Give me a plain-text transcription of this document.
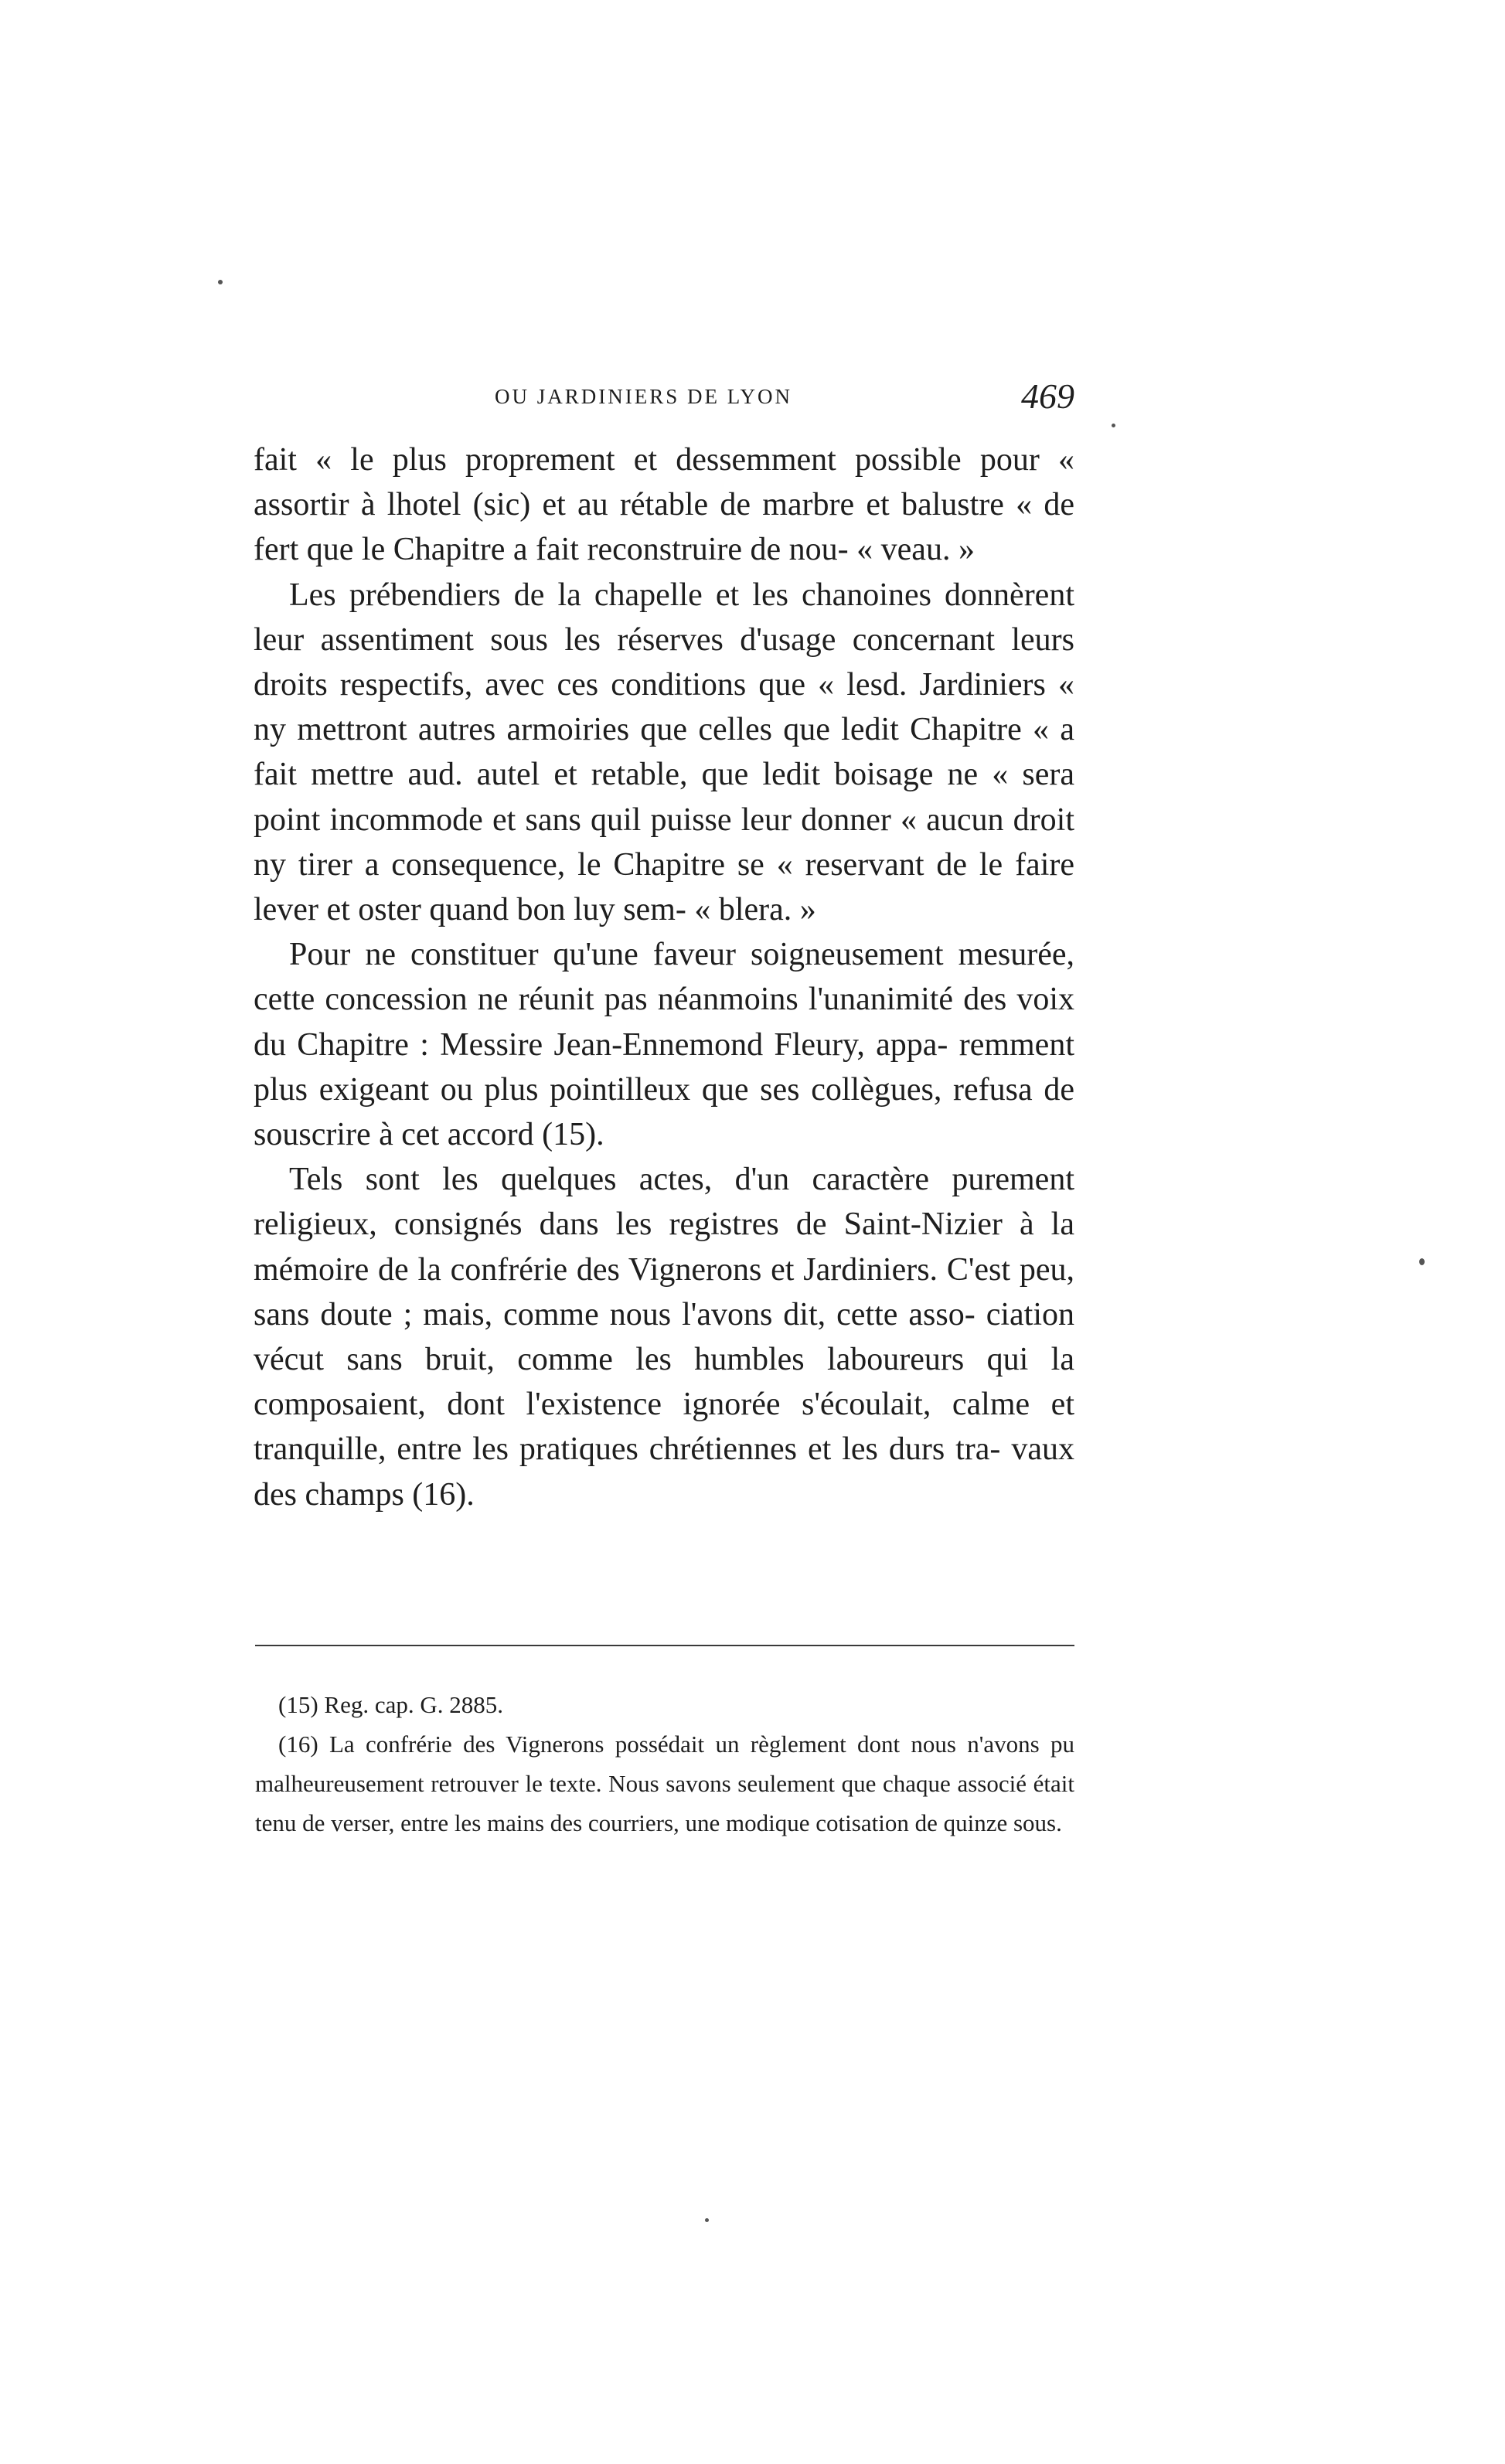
OU JARDINIERS DE LYON	469

fait « le plus proprement et dessemment possible pour « assortir à lhotel (sic) et au rétable de marbre et balustre « de fert que le Chapitre a fait reconstruire de nou- « veau. »

Les prébendiers de la chapelle et les chanoines donnèrent leur assentiment sous les réserves d'usage concernant leurs droits respectifs, avec ces conditions que « lesd. Jardiniers « ny mettront autres armoiries que celles que ledit Chapitre « a fait mettre aud. autel et retable, que ledit boisage ne « sera point incommode et sans quil puisse leur donner « aucun droit ny tirer a consequence, le Chapitre se « reservant de le faire lever et oster quand bon luy sem- « blera. »

Pour ne constituer qu'une faveur soigneusement mesurée, cette concession ne réunit pas néanmoins l'unanimité des voix du Chapitre : Messire Jean-Ennemond Fleury, appa- remment plus exigeant ou plus pointilleux que ses collègues, refusa de souscrire à cet accord (15).

Tels sont les quelques actes, d'un caractère purement religieux, consignés dans les registres de Saint-Nizier à la mémoire de la confrérie des Vignerons et Jardiniers. C'est peu, sans doute ; mais, comme nous l'avons dit, cette asso- ciation vécut sans bruit, comme les humbles laboureurs qui la composaient, dont l'existence ignorée s'écoulait, calme et tranquille, entre les pratiques chrétiennes et les durs tra- vaux des champs (16).

(15) Reg. cap. G. 2885.

(16) La confrérie des Vignerons possédait un règlement dont nous n'avons pu malheureusement retrouver le texte. Nous savons seulement que chaque associé était tenu de verser, entre les mains des courriers, une modique cotisation de quinze sous.
